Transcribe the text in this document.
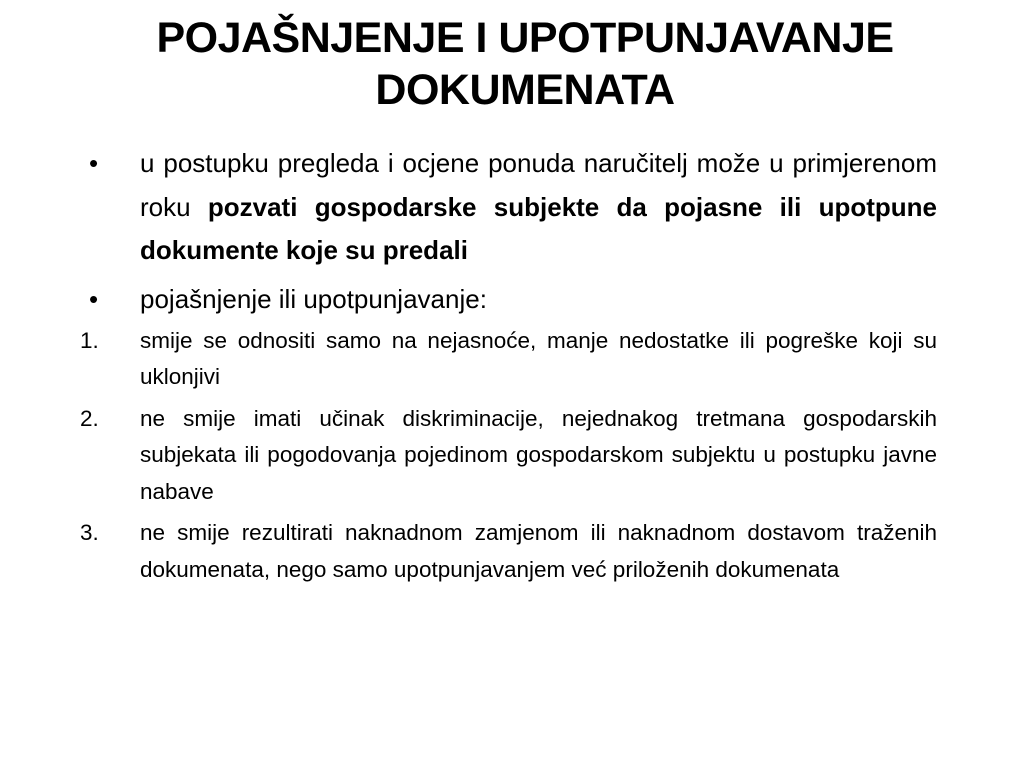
POJAŠNJENJE I UPOTPUNJAVANJE
DOKUMENATA
• u postupku pregleda i ocjene ponuda naručitelj može u primjerenom roku pozvati gospodarske subjekte da pojasne ili upotpune dokumente koje su predali
• pojašnjenje ili upotpunjavanje:
1. smije se odnositi samo na nejasnoće, manje nedostatke ili pogreške koji su uklonjivi
2. ne smije imati učinak diskriminacije, nejednakog tretmana gospodarskih subjekata ili pogodovanja pojedinom gospodarskom subjektu u postupku javne nabave
3. ne smije rezultirati naknadnom zamjenom ili naknadnom dostavom traženih dokumenata, nego samo upotpunjavanjem već priloženih dokumenata
